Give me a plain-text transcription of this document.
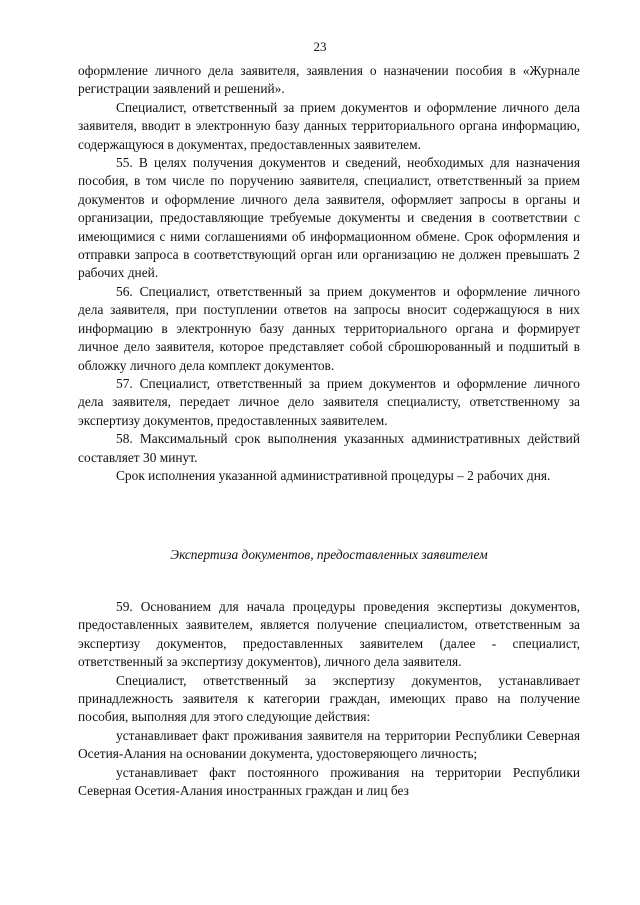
23

оформление личного дела заявителя, заявления о назначении пособия в «Журнале регистрации заявлений и решений».

Специалист, ответственный за прием документов и оформление личного дела заявителя, вводит в электронную базу данных территориального органа информацию, содержащуюся в документах, предоставленных заявителем.

55. В целях получения документов и сведений, необходимых для назначения пособия, в том числе по поручению заявителя, специалист, ответственный за прием документов и оформление личного дела заявителя, оформляет запросы в органы и организации, предоставляющие требуемые документы и сведения в соответствии с имеющимися с ними соглашениями об информационном обмене. Срок оформления и отправки запроса в соответствующий орган или организацию не должен превышать 2 рабочих дней.

56. Специалист, ответственный за прием документов и оформление личного дела заявителя, при поступлении ответов на запросы вносит содержащуюся в них информацию в электронную базу данных территориального органа и формирует личное дело заявителя, которое представляет собой сброшюрованный и подшитый в обложку личного дела комплект документов.

57. Специалист, ответственный за прием документов и оформление личного дела заявителя, передает личное дело заявителя специалисту, ответственному за экспертизу документов, предоставленных заявителем.

58. Максимальный срок выполнения указанных административных действий составляет 30 минут.

Срок исполнения указанной административной процедуры – 2 рабочих дня.

Экспертиза документов, предоставленных заявителем

59. Основанием для начала процедуры проведения экспертизы документов, предоставленных заявителем, является получение специалистом, ответственным за экспертизу документов, предоставленных заявителем (далее - специалист, ответственный за экспертизу документов), личного дела заявителя.

Специалист, ответственный за экспертизу документов, устанавливает принадлежность заявителя к категории граждан, имеющих право на получение пособия, выполняя для этого следующие действия:

устанавливает факт проживания заявителя на территории Республики Северная Осетия-Алания на основании документа, удостоверяющего личность;

устанавливает факт постоянного проживания на территории Республики Северная Осетия-Алания иностранных граждан и лиц без
